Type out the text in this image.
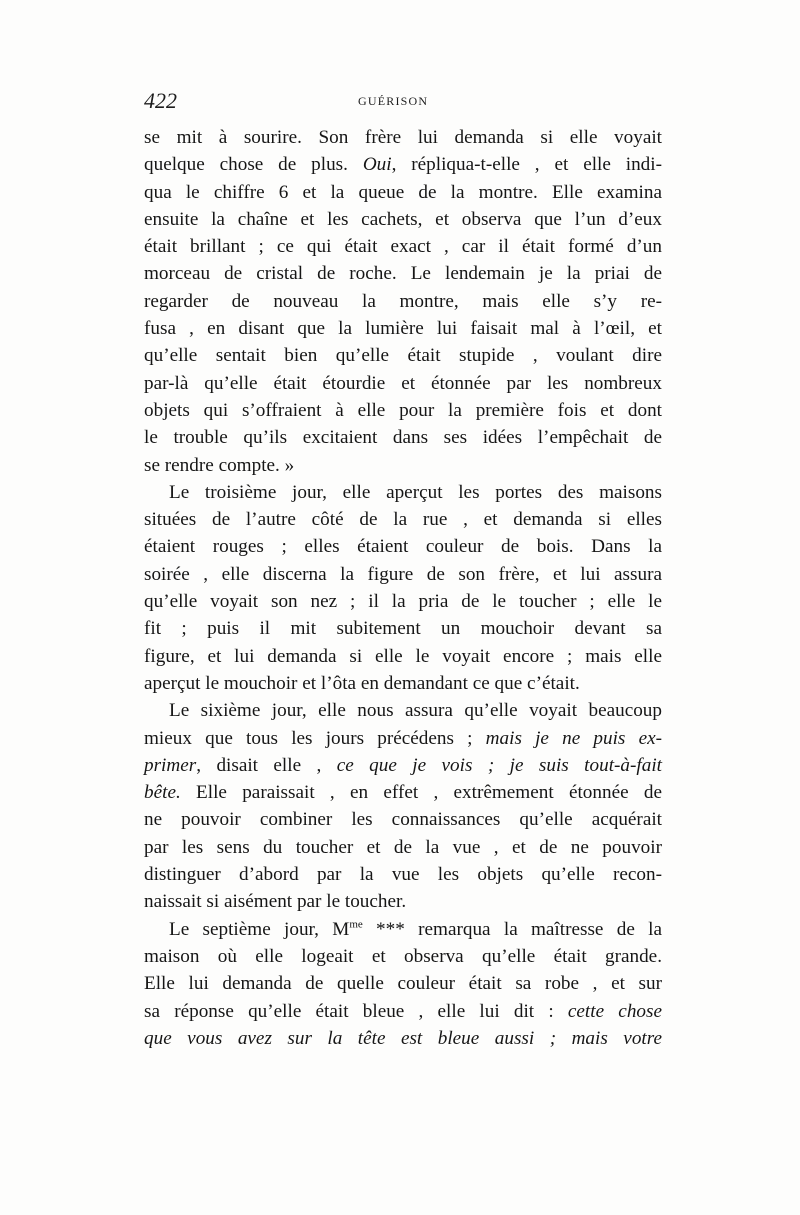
422	GUÉRISON
se mit à sourire. Son frère lui demanda si elle voyait
quelque chose de plus. Oui, répliqua-t-elle , et elle indi-
qua le chiffre 6 et la queue de la montre. Elle examina
ensuite la chaîne et les cachets, et observa que l’un d’eux
était brillant ; ce qui était exact , car il était formé d’un
morceau de cristal de roche. Le lendemain je la priai de
regarder de nouveau la montre, mais elle s’y re-
fusa , en disant que la lumière lui faisait mal à l’œil, et
qu’elle sentait bien qu’elle était stupide , voulant dire
par-là qu’elle était étourdie et étonnée par les nombreux
objets qui s’offraient à elle pour la première fois et dont
le trouble qu’ils excitaient dans ses idées l’empêchait de
se rendre compte. »
Le troisième jour, elle aperçut les portes des maisons
situées de l’autre côté de la rue , et demanda si elles
étaient rouges ; elles étaient couleur de bois. Dans la
soirée , elle discerna la figure de son frère, et lui assura
qu’elle voyait son nez ; il la pria de le toucher ; elle le
fit ; puis il mit subitement un mouchoir devant sa
figure, et lui demanda si elle le voyait encore ; mais elle
aperçut le mouchoir et l’ôta en demandant ce que c’était.
Le sixième jour, elle nous assura qu’elle voyait beaucoup
mieux que tous les jours précédens ; mais je ne puis ex-
primer, disait elle , ce que je vois ; je suis tout-à-fait
bête. Elle paraissait , en effet , extrêmement étonnée de
ne pouvoir combiner les connaissances qu’elle acquérait
par les sens du toucher et de la vue , et de ne pouvoir
distinguer d’abord par la vue les objets qu’elle recon-
naissait si aisément par le toucher.
Le septième jour, $M^{me}$ *** remarqua la maîtresse de la
maison où elle logeait et observa qu’elle était grande.
Elle lui demanda de quelle couleur était sa robe , et sur
sa réponse qu’elle était bleue , elle lui dit : cette chose
que vous avez sur la tête est bleue aussi ; mais votre
